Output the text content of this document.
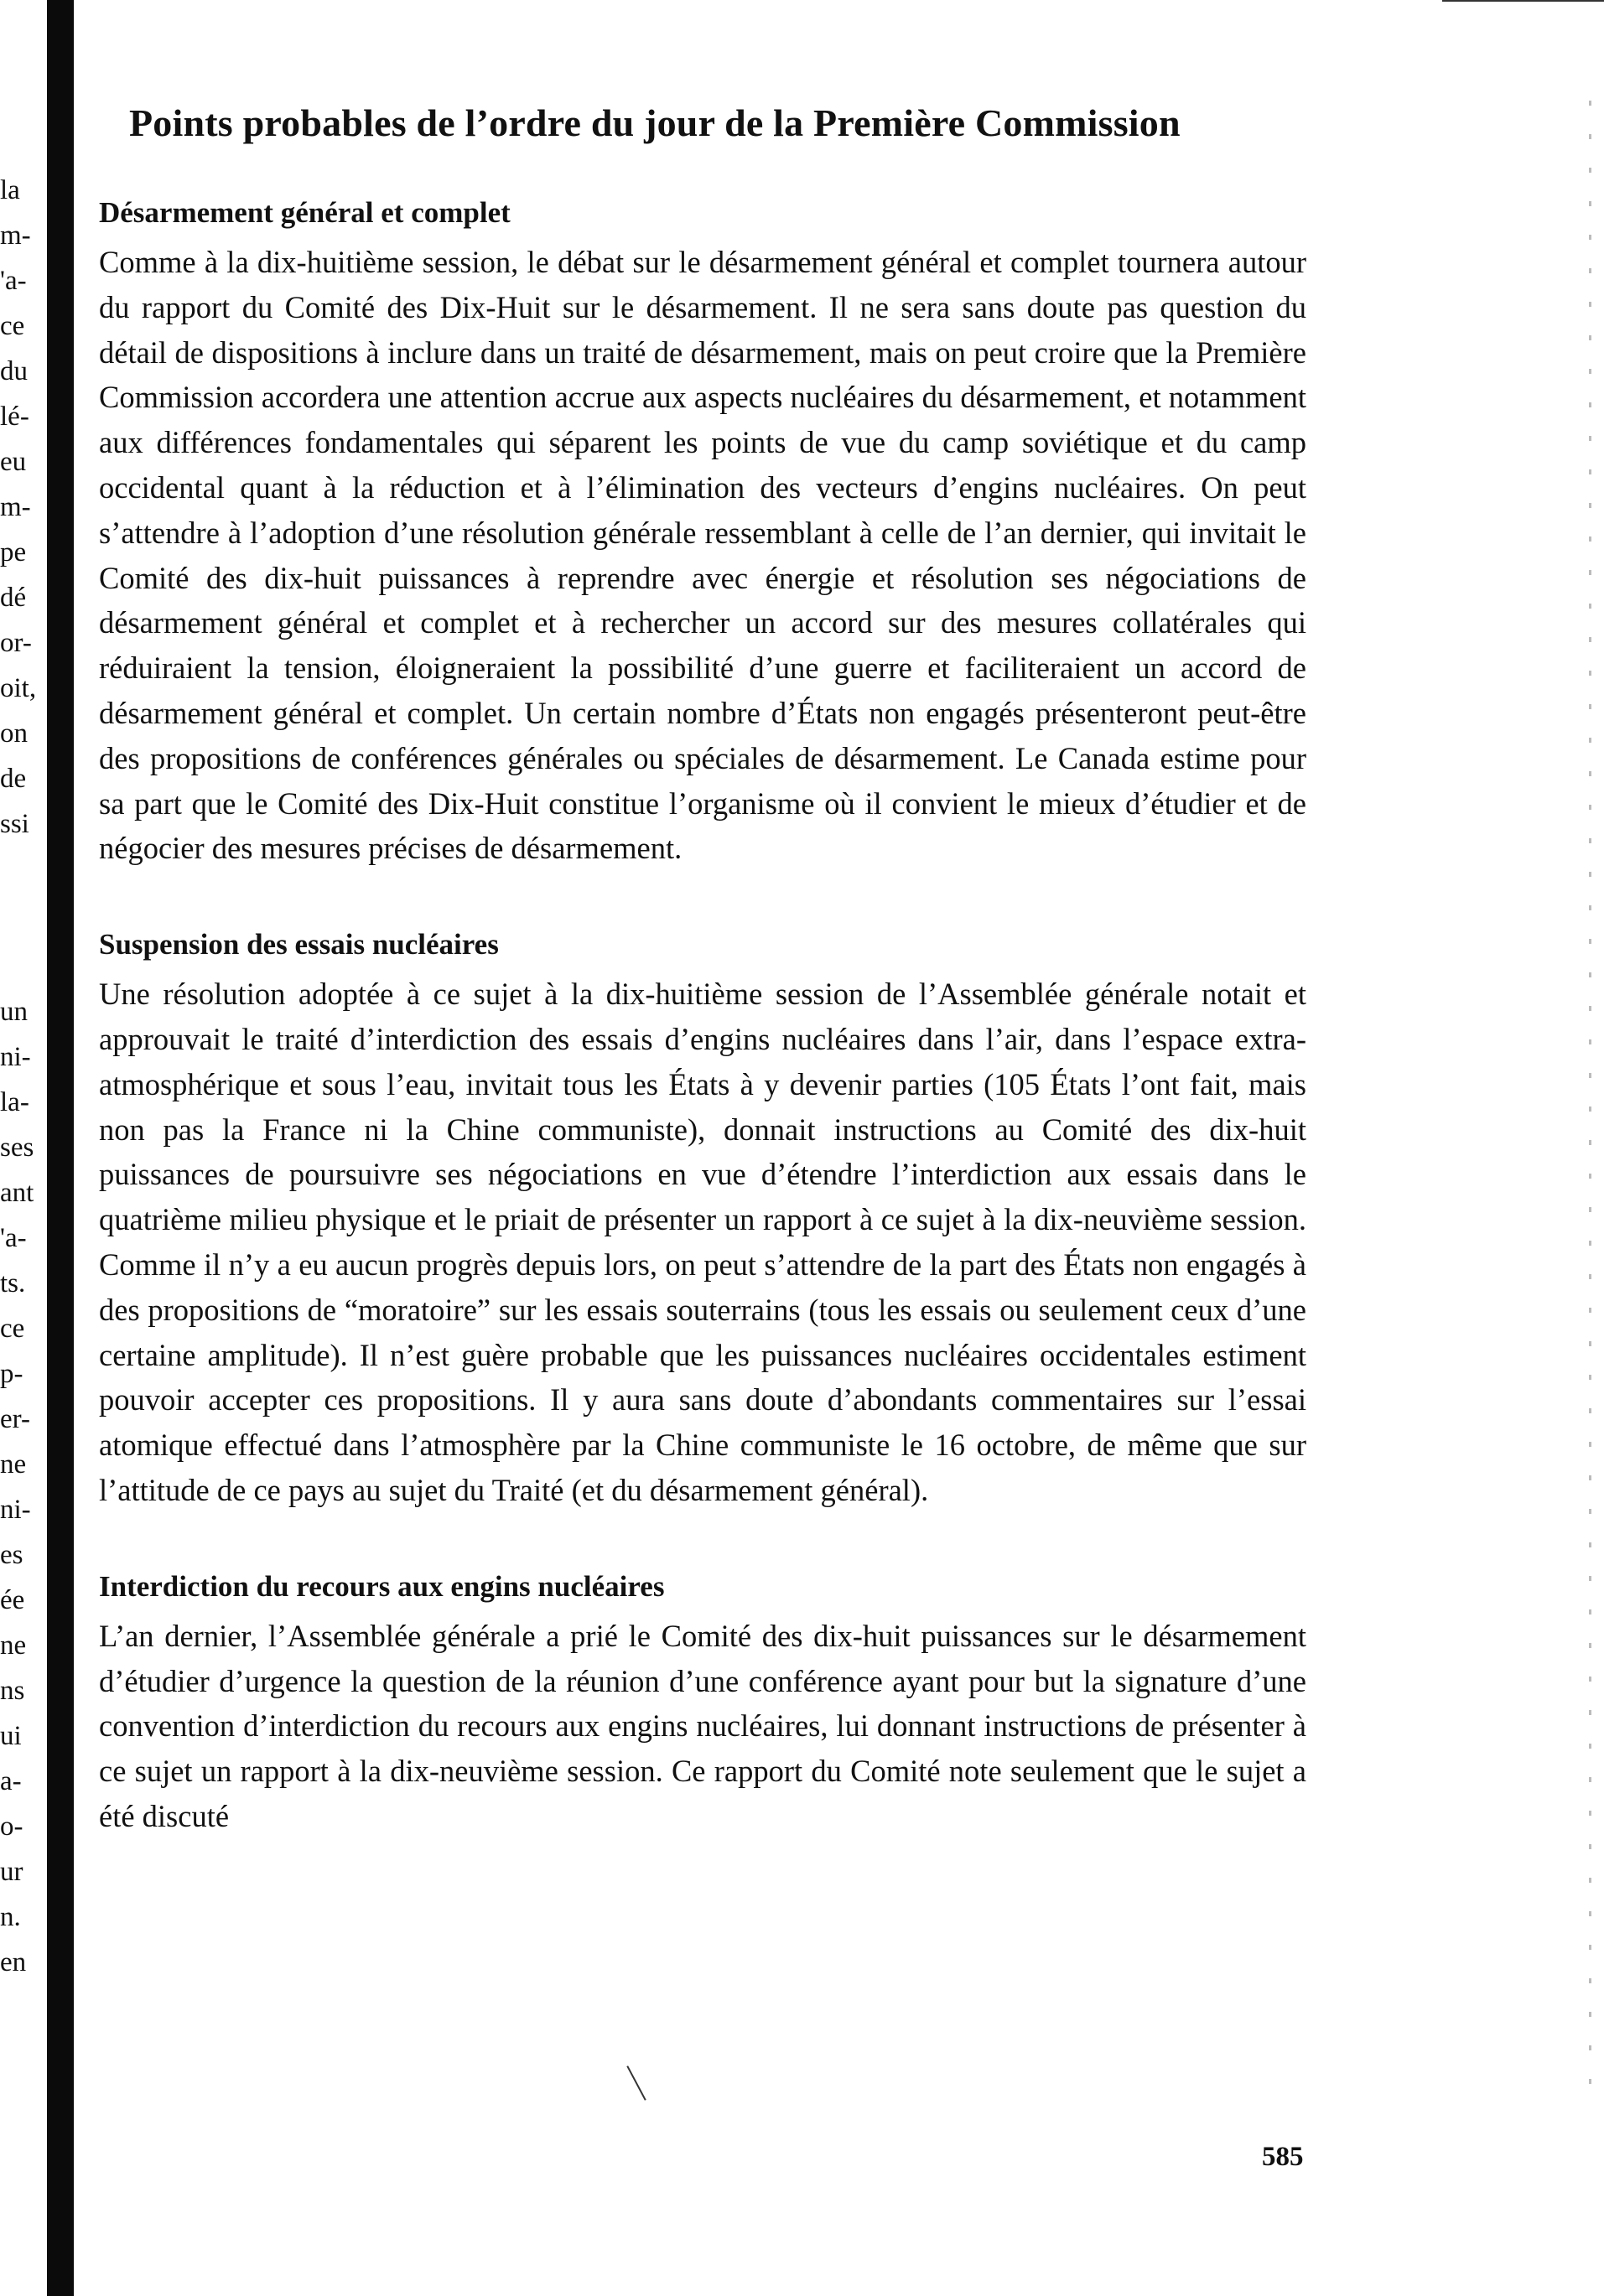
la
m-
'a-
ce
du
lé-
eu
m-
pe
dé
or-
oit,
on
de
ssi
un
ni-
la-
ses
ant
'a-
ts.
ce
p-
er-
ne
ni-
es
ée
ne
ns
ui
a-
o-
ur
n.
en
Points probables de l’ordre du jour de la Première Commission
Désarmement général et complet

Comme à la dix-huitième session, le débat sur le désarmement général et complet tournera autour du rapport du Comité des Dix-Huit sur le désarmement. Il ne sera sans doute pas question du détail de dispositions à inclure dans un traité de désarmement, mais on peut croire que la Première Commission accordera une attention accrue aux aspects nucléaires du désarmement, et notamment aux différences fondamentales qui séparent les points de vue du camp soviétique et du camp occidental quant à la réduction et à l’élimination des vecteurs d’engins nucléaires. On peut s’attendre à l’adoption d’une résolution générale ressemblant à celle de l’an dernier, qui invitait le Comité des dix-huit puissances à reprendre avec énergie et résolution ses négociations de désarmement général et complet et à rechercher un accord sur des mesures collatérales qui réduiraient la tension, éloigneraient la possibilité d’une guerre et faciliteraient un accord de désarmement général et complet. Un certain nombre d’États non engagés présenteront peut-être des propositions de conférences générales ou spéciales de désarmement. Le Canada estime pour sa part que le Comité des Dix-Huit constitue l’organisme où il convient le mieux d’étudier et de négocier des mesures précises de désarmement.

Suspension des essais nucléaires

Une résolution adoptée à ce sujet à la dix-huitième session de l’Assemblée générale notait et approuvait le traité d’interdiction des essais d’engins nucléaires dans l’air, dans l’espace extra-atmosphérique et sous l’eau, invitait tous les États à y devenir parties (105 États l’ont fait, mais non pas la France ni la Chine communiste), donnait instructions au Comité des dix-huit puissances de poursuivre ses négociations en vue d’étendre l’interdiction aux essais dans le quatrième milieu physique et le priait de présenter un rapport à ce sujet à la dix-neuvième session. Comme il n’y a eu aucun progrès depuis lors, on peut s’attendre de la part des États non engagés à des propositions de “moratoire” sur les essais souterrains (tous les essais ou seulement ceux d’une certaine amplitude). Il n’est guère probable que les puissances nucléaires occidentales estiment pouvoir accepter ces propositions. Il y aura sans doute d’abondants commentaires sur l’essai atomique effectué dans l’atmosphère par la Chine communiste le 16 octobre, de même que sur l’attitude de ce pays au sujet du Traité (et du désarmement général).

Interdiction du recours aux engins nucléaires

L’an dernier, l’Assemblée générale a prié le Comité des dix-huit puissances sur le désarmement d’étudier d’urgence la question de la réunion d’une conférence ayant pour but la signature d’une convention d’interdiction du recours aux engins nucléaires, lui donnant instructions de présenter à ce sujet un rapport à la dix-neuvième session. Ce rapport du Comité note seulement que le sujet a été discuté

585
